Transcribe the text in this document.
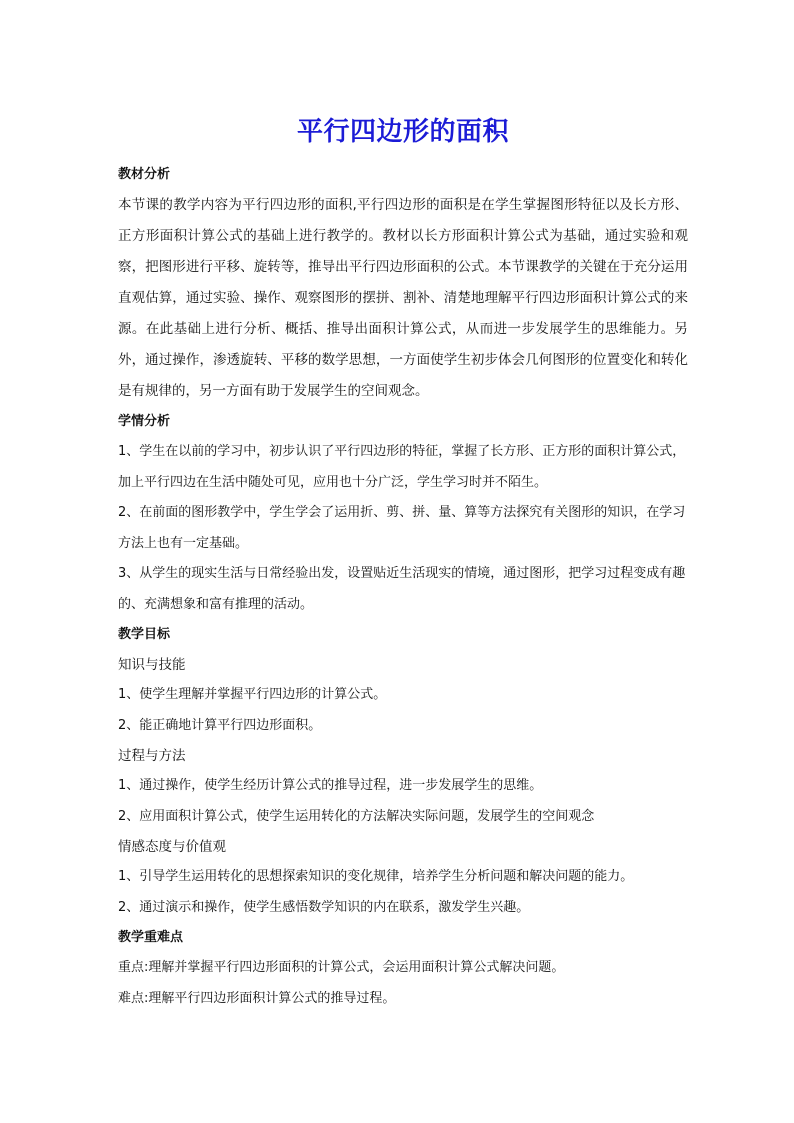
平行四边形的面积

教材分析

本节课的教学内容为平行四边形的面积,平行四边形的面积是在学生掌握图形特征以及长方形、正方形面积计算公式的基础上进行教学的。教材以长方形面积计算公式为基础，通过实验和观察，把图形进行平移、旋转等，推导出平行四边形面积的公式。本节课教学的关键在于充分运用直观估算，通过实验、操作、观察图形的摆拼、割补、清楚地理解平行四边形面积计算公式的来源。在此基础上进行分析、概括、推导出面积计算公式，从而进一步发展学生的思维能力。另外，通过操作，渗透旋转、平移的数学思想，一方面使学生初步体会几何图形的位置变化和转化是有规律的，另一方面有助于发展学生的空间观念。

学情分析

1、学生在以前的学习中，初步认识了平行四边形的特征，掌握了长方形、正方形的面积计算公式，加上平行四边在生活中随处可见，应用也十分广泛，学生学习时并不陌生。

2、在前面的图形教学中，学生学会了运用折、剪、拼、量、算等方法探究有关图形的知识，在学习方法上也有一定基础。

3、从学生的现实生活与日常经验出发，设置贴近生活现实的情境，通过图形，把学习过程变成有趣的、充满想象和富有推理的活动。

教学目标

知识与技能

1、使学生理解并掌握平行四边形的计算公式。

2、能正确地计算平行四边形面积。

过程与方法

1、通过操作，使学生经历计算公式的推导过程，进一步发展学生的思维。

2、应用面积计算公式，使学生运用转化的方法解决实际问题，发展学生的空间观念

情感态度与价值观

1、引导学生运用转化的思想探索知识的变化规律，培养学生分析问题和解决问题的能力。

2、通过演示和操作，使学生感悟数学知识的内在联系，激发学生兴趣。

教学重难点

重点:理解并掌握平行四边形面积的计算公式，会运用面积计算公式解决问题。

难点:理解平行四边形面积计算公式的推导过程。
